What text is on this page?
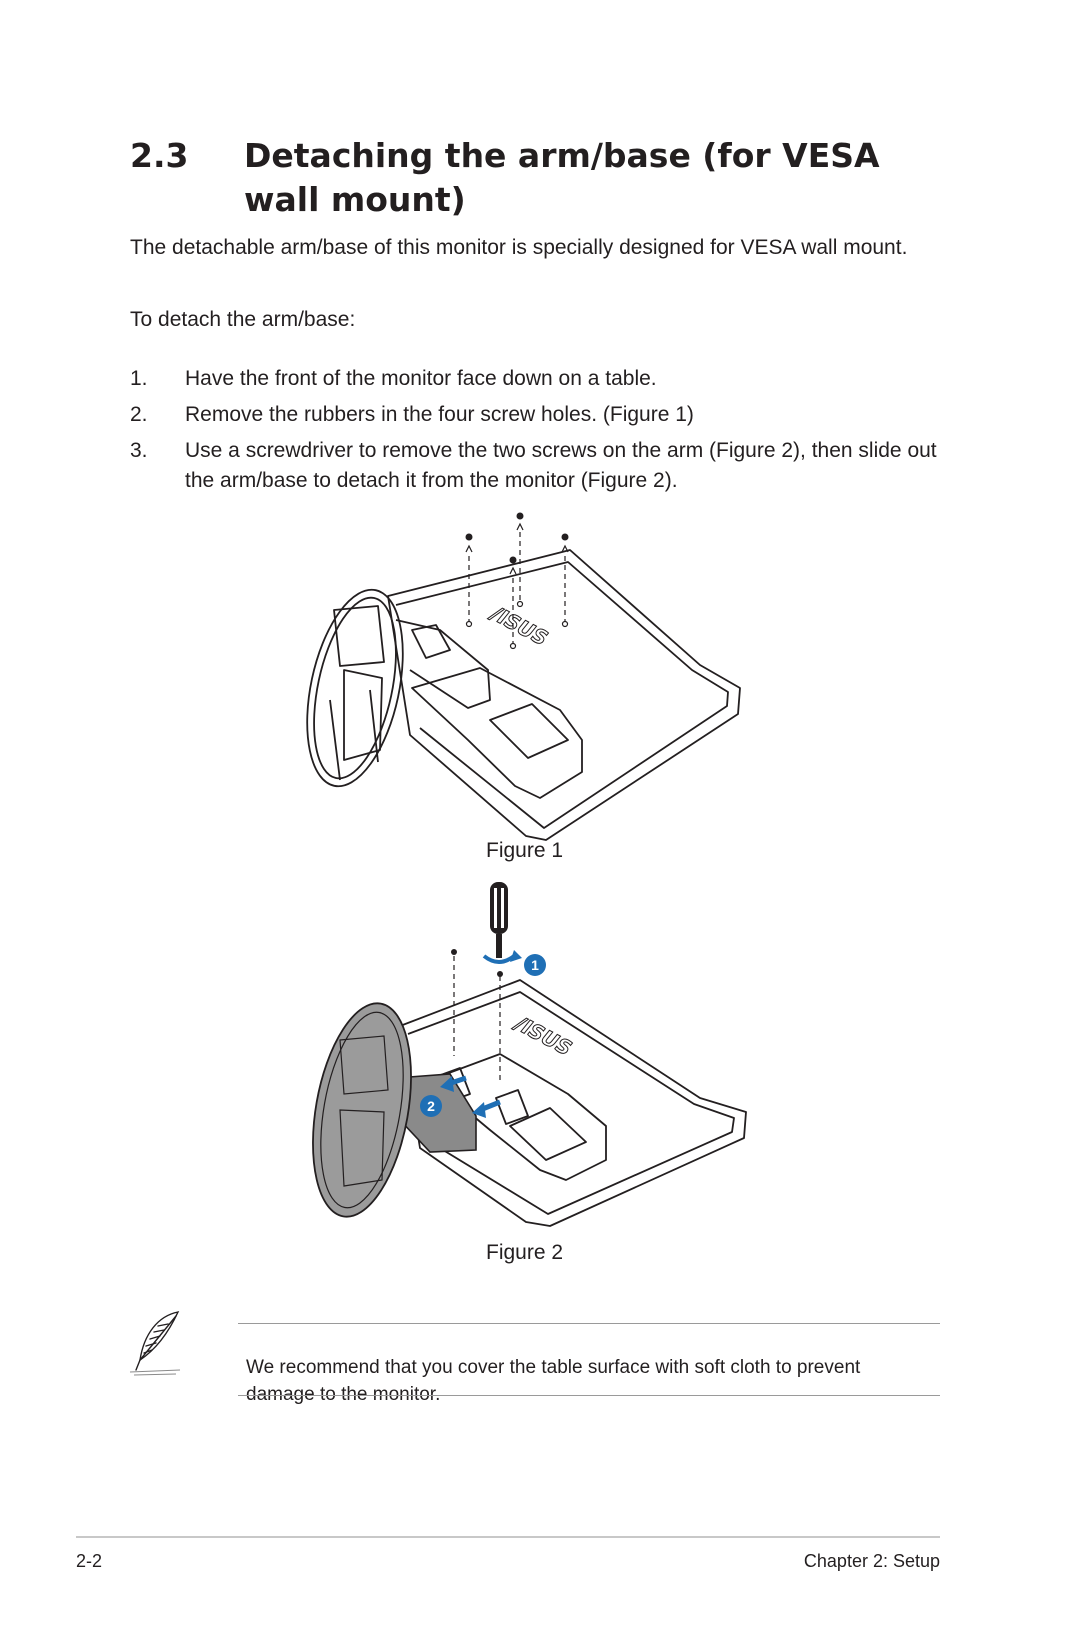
2.3 Detaching the arm/base (for VESA wall mount)
The detachable arm/base of this monitor is specially designed for VESA wall mount.
To detach the arm/base:
1. Have the front of the monitor face down on a table.
2. Remove the rubbers in the four screw holes. (Figure 1)
3. Use a screwdriver to remove the two screws on the arm (Figure 2), then slide out the arm/base to detach it from the monitor (Figure 2).
/ISUS
Figure 1
/ISUS
1
2
Figure 2
We recommend that you cover the table surface with soft cloth to prevent damage to the monitor.
2-2	Chapter 2: Setup
